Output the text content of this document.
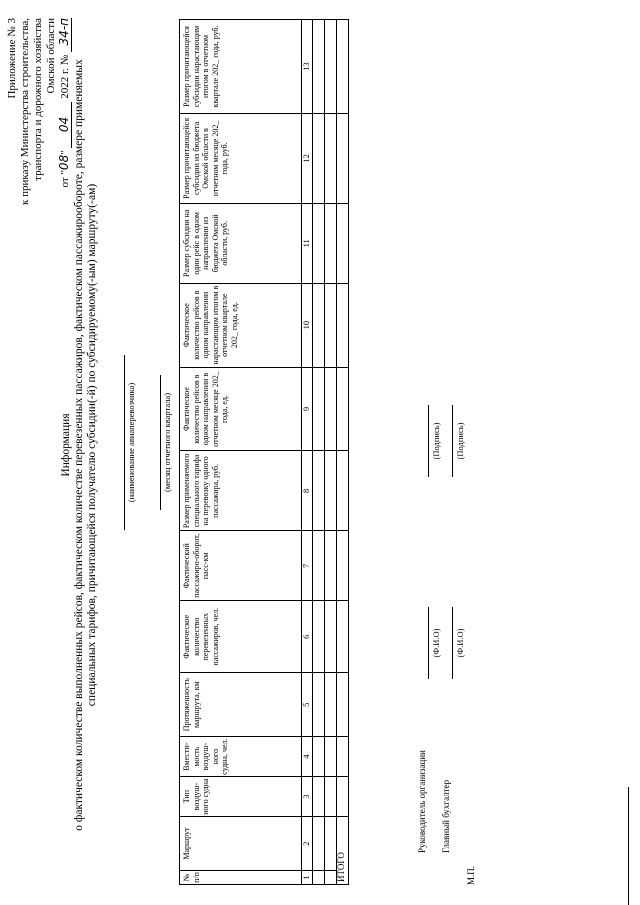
Приложение № 3 к приказу Министерства строительства, транспорта и дорожного хозяйства Омской области
от "08" 04 2022 г. № 34-п
Информация о фактическом количестве выполненных рейсов, фактическом количестве перевезенных пассажиров, фактическом пассажирообороте, размере применяемых специальных тарифов, причитающейся получателю субсидии(-й) по субсидируемому(-ым) маршруту(-ам)	(наименование авиаперевозчика)	(месяц отчетного квартала)
№ п/п	Маршрут	Тип воздуш-ного судна	Вмести-мость воздуш-ного судна, чел.	Протяженность маршрута, км	Фактическое количество перевезенных пассажиров, чел.	Фактический пассажиро-оборот, пасс-км	Размер применяемого специального тарифа на перевозку одного пассажира, руб.	Фактическое количество рейсов в одном направлении в отчетном месяце 202_ года, ед.	Фактическое количество рейсов в одном направлении нарастающим итогом в отчетном квартале 202_ года, ед.	Размер субсидии на один рейс в одном направлении из бюджета Омской области, руб.	Размер причитающейся субсидии из бюджета Омской области в отчетном месяце 202_ года, руб.	Размер причитающейся субсидии нарастающим итогом в отчетном квартале 202_ года, руб.
1	2	3	4	5	6	7	8	9	10	11	12	13

ИТОГО												
Руководитель организации
(Ф.И.О)
(Подпись)
Главный бухгалтер
(Ф.И.О)
(Подпись)
М.П.
